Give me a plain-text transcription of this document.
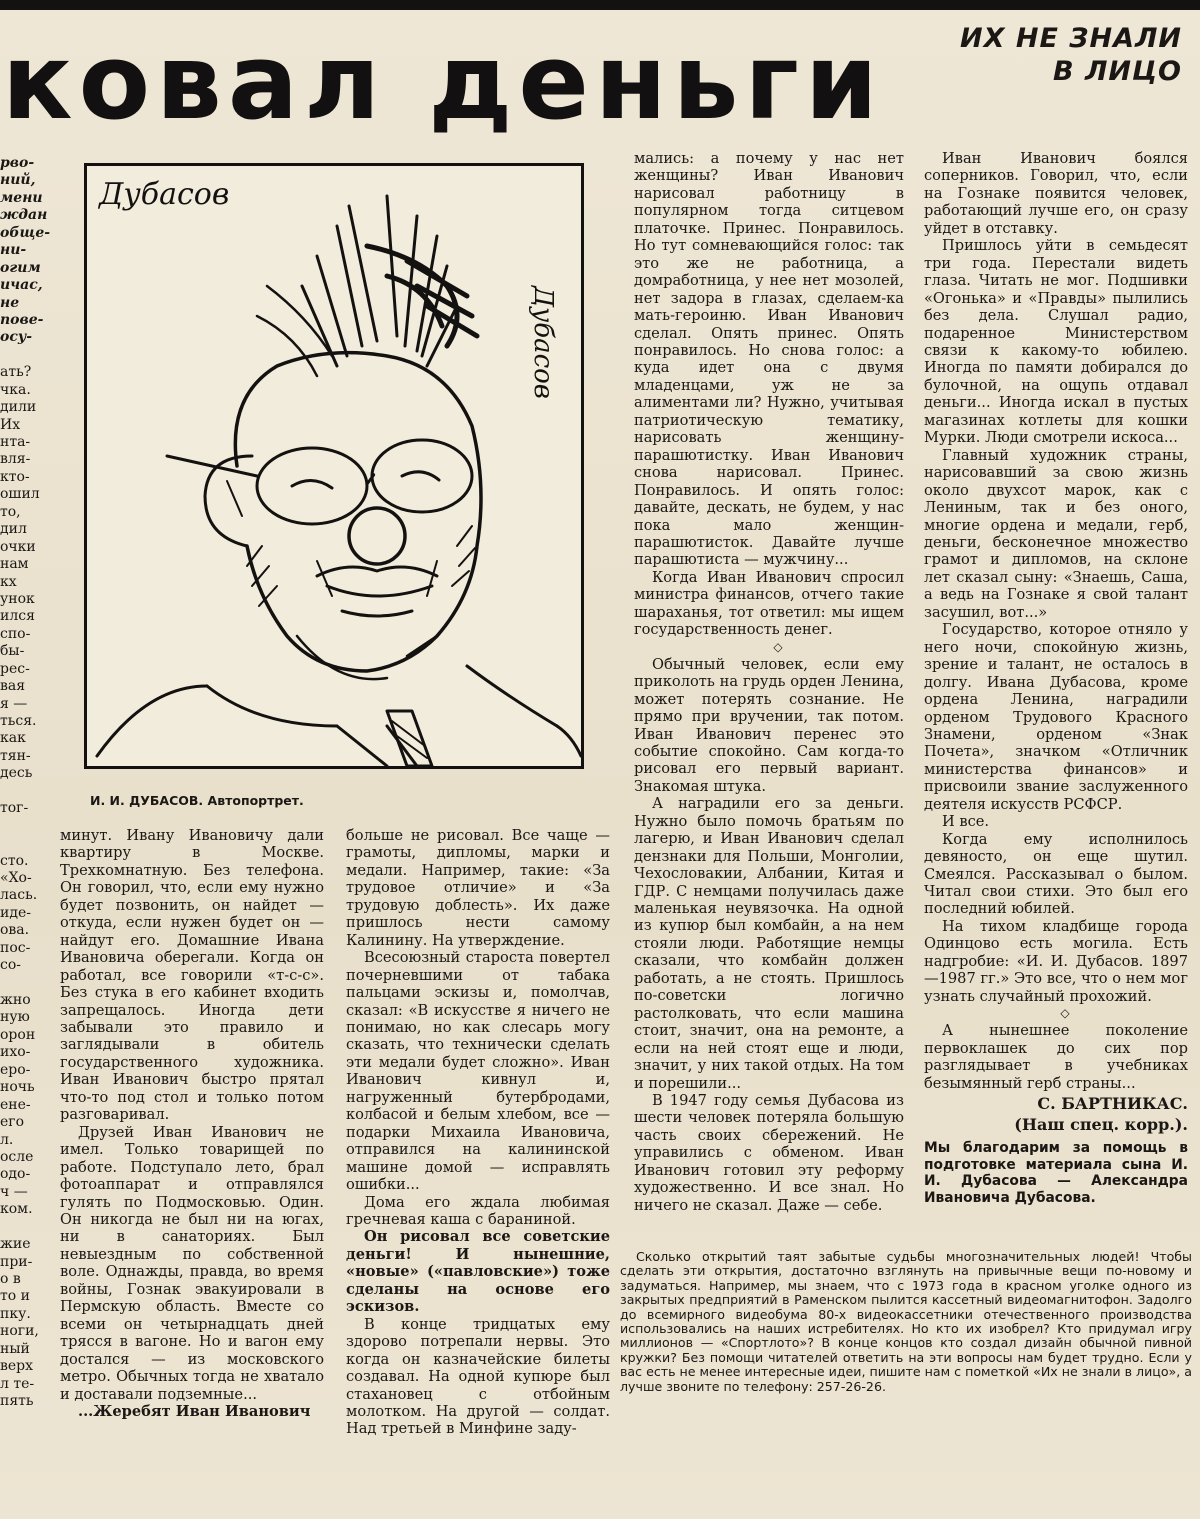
ковал деньги	ИХ НЕ ЗНАЛИ
В ЛИЦО
рво-
ний,
мени
ждан
обще-
ни-
огим
ичас,
не
пове-
осу-
ать?
чка.
дили
Их
нта-
вля-
кто-
ошил
то,
дил
очки
нам
кх
унок
ился
спо-
бы-
рес-
вая
я —
ться.
как
тян-
десь
тог-
сто.
«Хо-
лась.
иде-
ова.
пос-
со-
жно
ную
орон
ихо-
еро-
ночь
енe-
его
л.
осле
одо-
ч —
ком.
жие
при-
о в
то и
пку.
ноги,
ный
верх
л те-
пять
Дубасов
Дубасов
И. И. ДУБАСОВ. Автопортрет.

минут. Ивану Ивановичу дали квартиру в Москве. Трехкомнатную. Без телефона. Он говорил, что, если ему нужно будет позвонить, он найдет — откуда, если нужен будет он — найдут его. Домашние Ивана Ивановича оберегали. Когда он работал, все говорили «т-с-с». Без стука в его кабинет входить запрещалось. Иногда дети забывали это правило и заглядывали в обитель государственного художника. Иван Иванович быстро прятал что-то под стол и только потом разговаривал.

Друзей Иван Иванович не имел. Только товарищей по работе. Подступало лето, брал фотоаппарат и отправлялся гулять по Подмосковью. Один. Он никогда не был ни на югах, ни в санаториях. Был невыездным по собственной воле. Однажды, правда, во время войны, Гознак эвакуировали в Пермскую область. Вместе со всеми он четырнадцать дней трясся в вагоне. Но и вагон ему достался — из московского метро. Обычных тогда не хватало и доставали подземные...

...Жеребят Иван Иванович

больше не рисовал. Все чаще — грамоты, дипломы, марки и медали. Например, такие: «За трудовое отличие» и «За трудовую доблесть». Их даже пришлось нести самому Калинину. На утверждение.

Всесоюзный староста повертел почерневшими от табака пальцами эскизы и, помолчав, сказал: «В искусстве я ничего не понимаю, но как слесарь могу сказать, что технически сделать эти медали будет сложно». Иван Иванович кивнул и, нагруженный бутербродами, колбасой и белым хлебом, все — подарки Михаила Ивановича, отправился на калининской машине домой — исправлять ошибки...

Дома его ждала любимая гречневая каша с бараниной.

Он рисовал все советские деньги! И нынешние, «новые» («павловские») тоже сделаны на основе его эскизов.

В конце тридцатых ему здорово потрепали нервы. Это когда он казначейские билеты создавал. На одной купюре был стахановец с отбойным молотком. На другой — солдат. Над третьей в Минфине заду-

мались: а почему у нас нет женщины? Иван Иванович нарисовал работницу в популярном тогда ситцевом платочке. Принес. Понравилось. Но тут сомневающийся голос: так это же не работница, а домработница, у нее нет мозолей, нет задора в глазах, сделаем-ка мать-героиню. Иван Иванович сделал. Опять принес. Опять понравилось. Но снова голос: а куда идет она с двумя младенцами, уж не за алиментами ли? Нужно, учитывая патриотическую тематику, нарисовать женщину-парашютистку. Иван Иванович снова нарисовал. Принес. Понравилось. И опять голос: давайте, дескать, не будем, у нас пока мало женщин-парашютисток. Давайте лучше парашютиста — мужчину...

Когда Иван Иванович спросил министра финансов, отчего такие шараханья, тот ответил: мы ищем государственность денег.

◇

Обычный человек, если ему приколоть на грудь орден Ленина, может потерять сознание. Не прямо при вручении, так потом. Иван Иванович перенес это событие спокойно. Сам когда-то рисовал его первый вариант. Знакомая штука.

А наградили его за деньги. Нужно было помочь братьям по лагерю, и Иван Иванович сделал дензнаки для Польши, Монголии, Чехословакии, Албании, Китая и ГДР. С немцами получилась даже маленькая неувязочка. На одной из купюр был комбайн, а на нем стояли люди. Работящие немцы сказали, что комбайн должен работать, а не стоять. Пришлось по-советски логично растолковать, что если машина стоит, значит, она на ремонте, а если на ней стоят еще и люди, значит, у них такой отдых. На том и порешили...

В 1947 году семья Дубасова из шести человек потеряла большую часть своих сбережений. Не управились с обменом. Иван Иванович готовил эту реформу художественно. И все знал. Но ничего не сказал. Даже — себе.

Иван Иванович боялся соперников. Говорил, что, если на Гознаке появится человек, работающий лучше его, он сразу уйдет в отставку.

Пришлось уйти в семьдесят три года. Перестали видеть глаза. Читать не мог. Подшивки «Огонька» и «Правды» пылились без дела. Слушал радио, подаренное Министерством связи к какому-то юбилею. Иногда по памяти добирался до булочной, на ощупь отдавал деньги... Иногда искал в пустых магазинах котлеты для кошки Мурки. Люди смотрели искоса...

Главный художник страны, нарисовавший за свою жизнь около двухсот марок, как с Лениным, так и без оного, многие ордена и медали, герб, деньги, бесконечное множество грамот и дипломов, на склоне лет сказал сыну: «Знаешь, Саша, а ведь на Гознаке я свой талант засушил, вот...»

Государство, которое отняло у него ночи, спокойную жизнь, зрение и талант, не осталось в долгу. Ивана Дубасова, кроме ордена Ленина, наградили орденом Трудового Красного Знамени, орденом «Знак Почета», значком «Отличник министерства финансов» и присвоили звание заслуженного деятеля искусств РСФСР.

И все.

Когда ему исполнилось девяносто, он еще шутил. Смеялся. Рассказывал о былом. Читал свои стихи. Это был его последний юбилей.

На тихом кладбище города Одинцово есть могила. Есть надгробие: «И. И. Дубасов. 1897—1987 гг.» Это все, что о нем мог узнать случайный прохожий.

◇

А нынешнее поколение первоклашек до сих пор разглядывает в учебниках безымянный герб страны...

С. БАРТНИКАС.
(Наш спец. корр.).
Мы благодарим за помощь в подготовке материала сына И. И. Дубасова — Александра Ивановича Дубасова.

Сколько открытий таят забытые судьбы многозначительных людей! Чтобы сделать эти открытия, достаточно взглянуть на привычные вещи по-новому и задуматься. Например, мы знаем, что с 1973 года в красном уголке одного из закрытых предприятий в Раменском пылится кассетный видеомагнитофон. Задолго до всемирного видеобума 80-х видеокассетники отечественного производства использовались на наших истребителях. Но кто их изобрел? Кто придумал игру миллионов — «Спортлото»? В конце концов кто создал дизайн обычной пивной кружки? Без помощи читателей ответить на эти вопросы нам будет трудно. Если у вас есть не менее интересные идеи, пишите нам с пометкой «Их не знали в лицо», а лучше звоните по телефону: 257-26-26.
